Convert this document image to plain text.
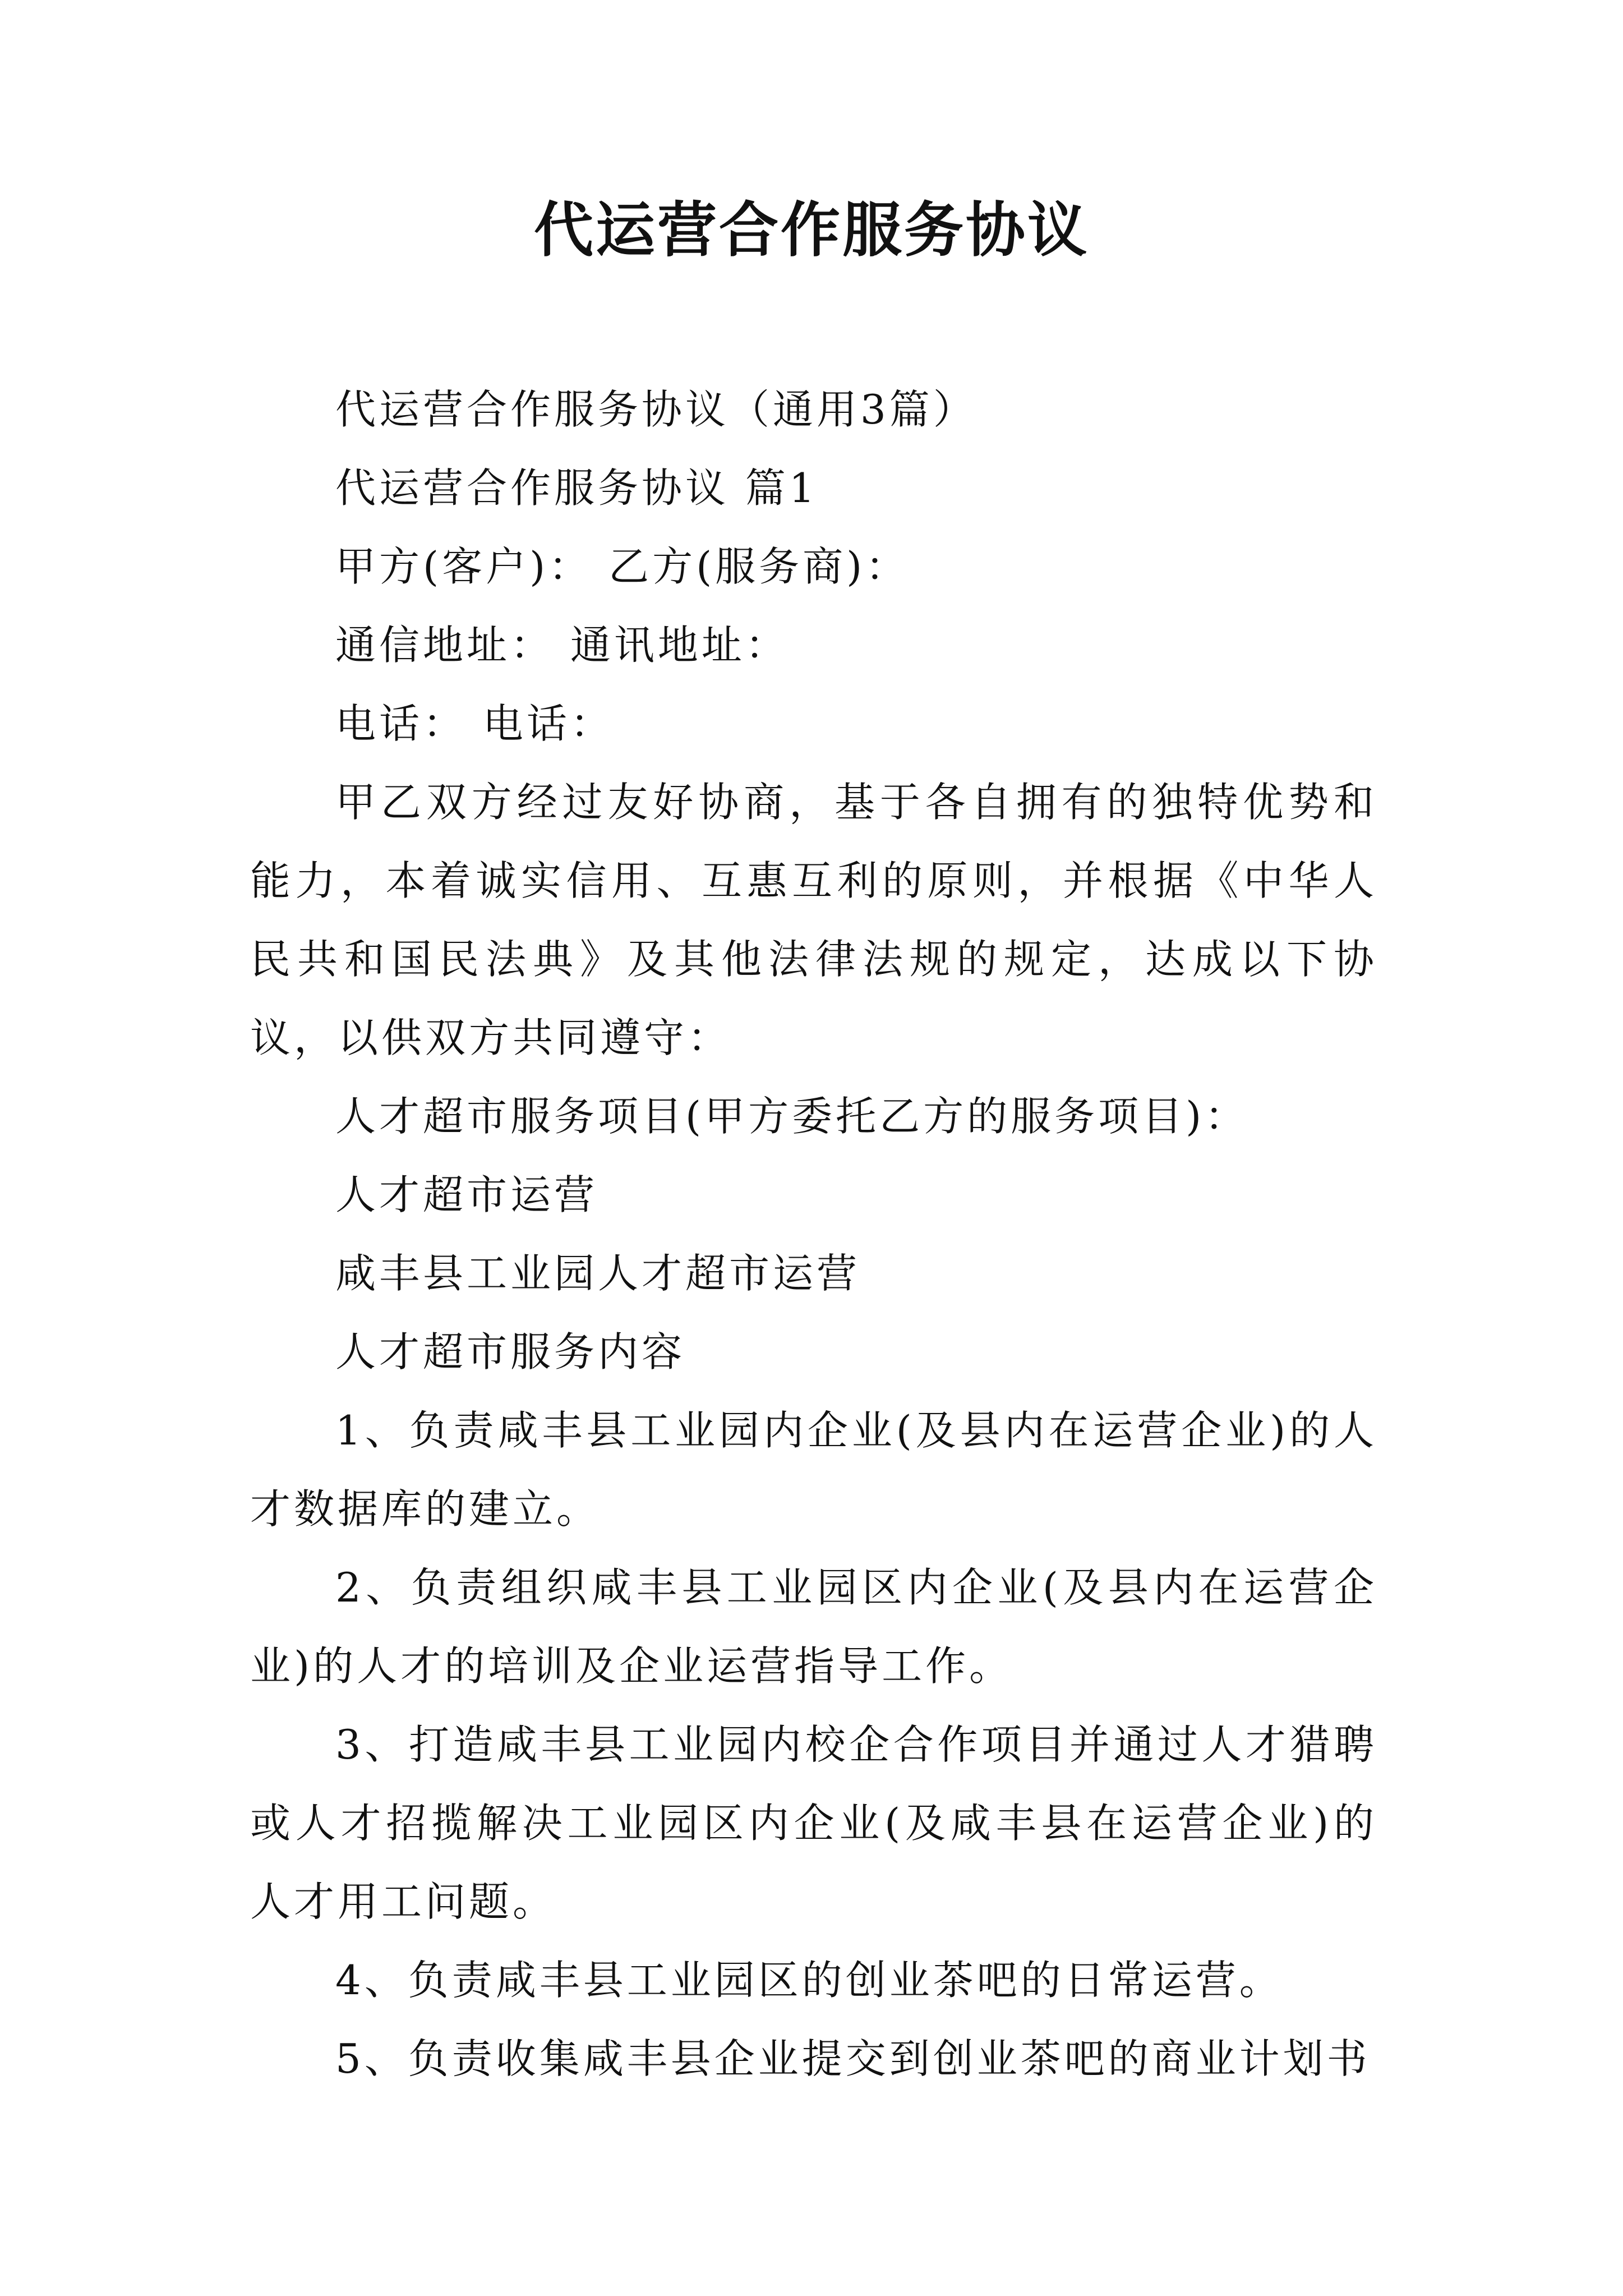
代运营合作服务协议

代运营合作服务协议（通用3篇）

代运营合作服务协议 篇1

甲方(客户)： 乙方(服务商)：

通信地址： 通讯地址：

电话： 电话：

甲乙双方经过友好协商，基于各自拥有的独特优势和能力，本着诚实信用、互惠互利的原则，并根据《中华人民共和国民法典》及其他法律法规的规定，达成以下协议，以供双方共同遵守：

人才超市服务项目(甲方委托乙方的服务项目)：

人才超市运营

咸丰县工业园人才超市运营

人才超市服务内容

1、负责咸丰县工业园内企业(及县内在运营企业)的人才数据库的建立。

2、负责组织咸丰县工业园区内企业(及县内在运营企业)的人才的培训及企业运营指导工作。

3、打造咸丰县工业园内校企合作项目并通过人才猎聘或人才招揽解决工业园区内企业(及咸丰县在运营企业)的人才用工问题。

4、负责咸丰县工业园区的创业茶吧的日常运营。

5、负责收集咸丰县企业提交到创业茶吧的商业计划书
